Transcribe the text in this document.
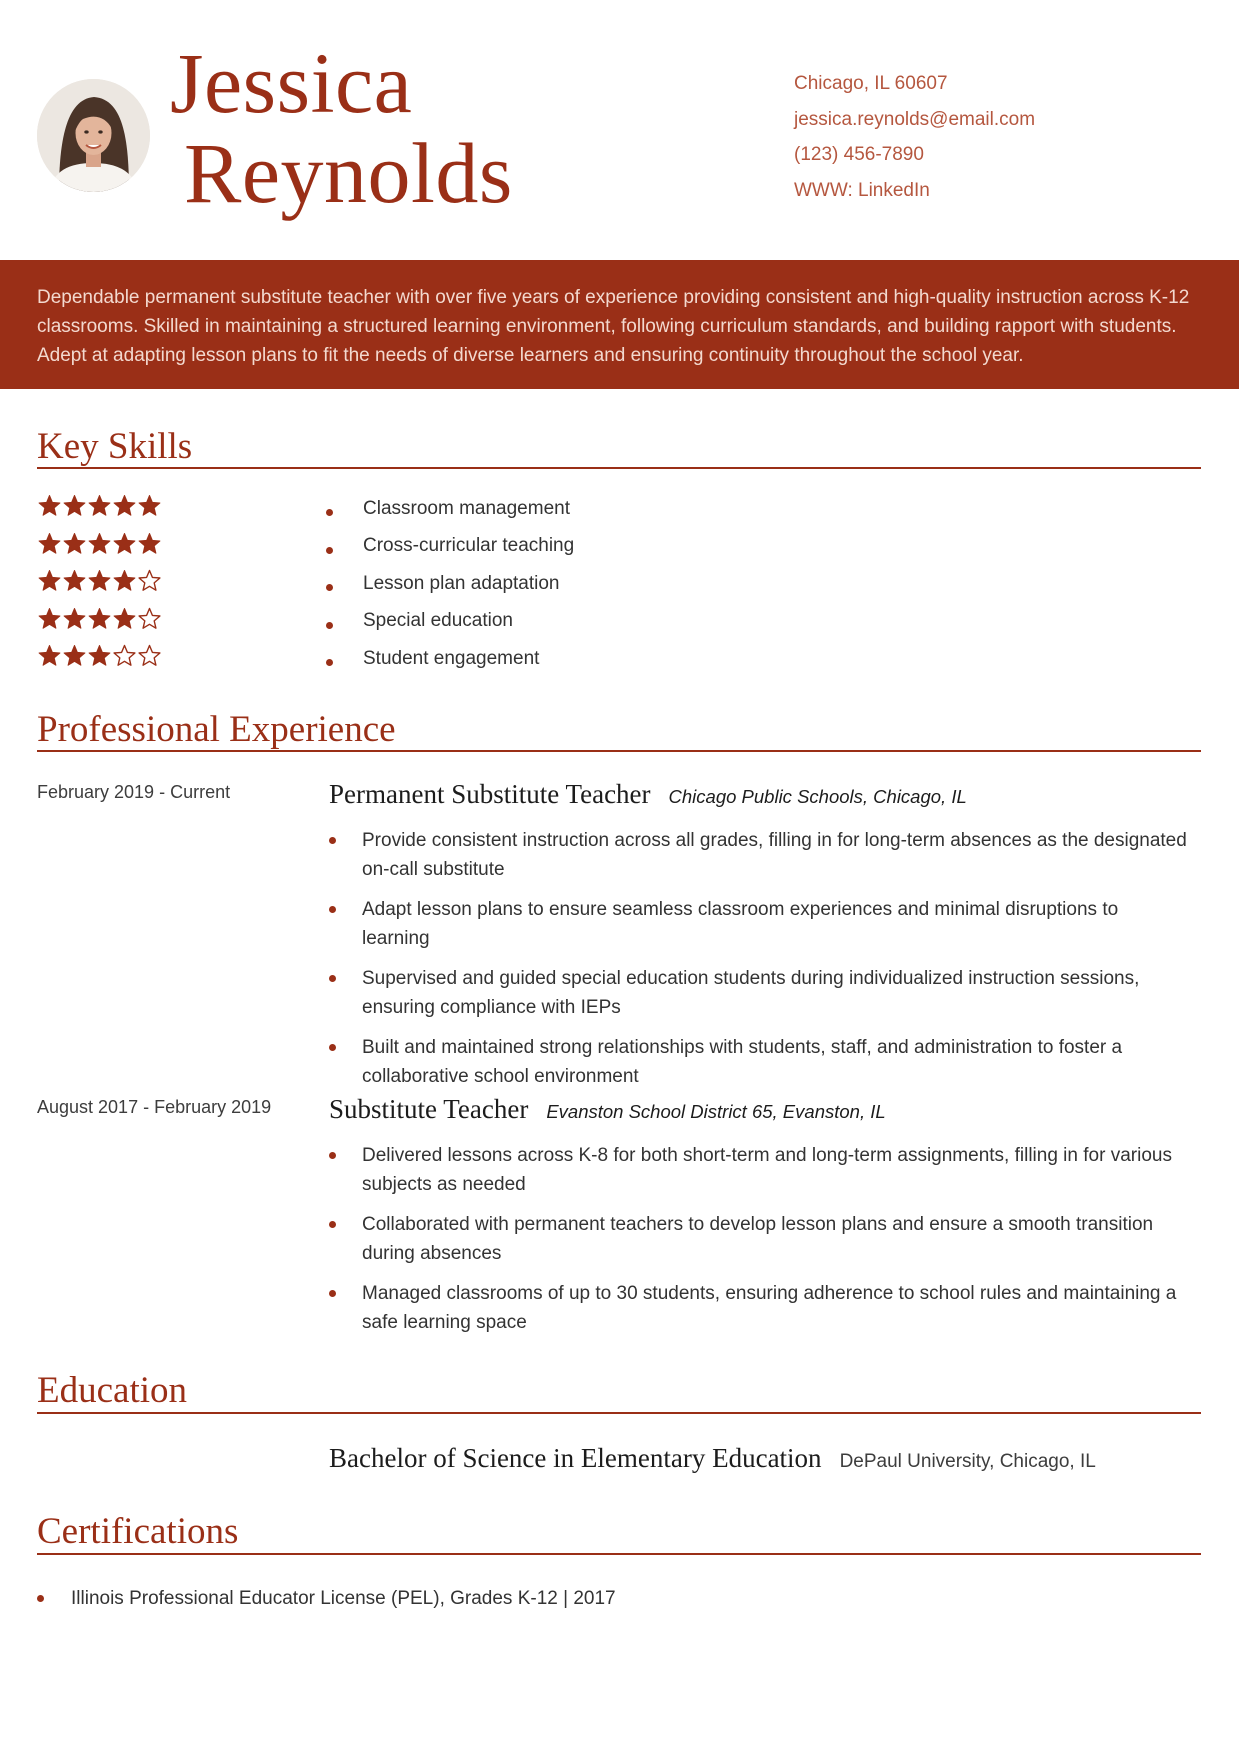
Jessica
Reynolds
Chicago, IL 60607
jessica.reynolds@email.com
(123) 456-7890
WWW: LinkedIn

Dependable permanent substitute teacher with over five years of experience providing consistent and high-quality instruction across K-12 classrooms. Skilled in maintaining a structured learning environment, following curriculum standards, and building rapport with students. Adept at adapting lesson plans to fit the needs of diverse learners and ensuring continuity throughout the school year.

Key Skills
Classroom management
Cross-curricular teaching
Lesson plan adaptation
Special education
Student engagement
Professional Experience
February 2019 - Current	Permanent Substitute Teacher Chicago Public Schools, Chicago, IL
Provide consistent instruction across all grades, filling in for long-term absences as the designated on-call substitute
Adapt lesson plans to ensure seamless classroom experiences and minimal disruptions to learning
Supervised and guided special education students during individualized instruction sessions, ensuring compliance with IEPs
Built and maintained strong relationships with students, staff, and administration to foster a collaborative school environment
August 2017 - February 2019 Substitute Teacher Evanston School District 65, Evanston, IL
Delivered lessons across K-8 for both short-term and long-term assignments, filling in for various subjects as needed
Collaborated with permanent teachers to develop lesson plans and ensure a smooth transition during absences
Managed classrooms of up to 30 students, ensuring adherence to school rules and maintaining a safe learning space
Education
Bachelor of Science in Elementary Education DePaul University, Chicago, IL
Certifications
Illinois Professional Educator License (PEL), Grades K-12 | 2017
